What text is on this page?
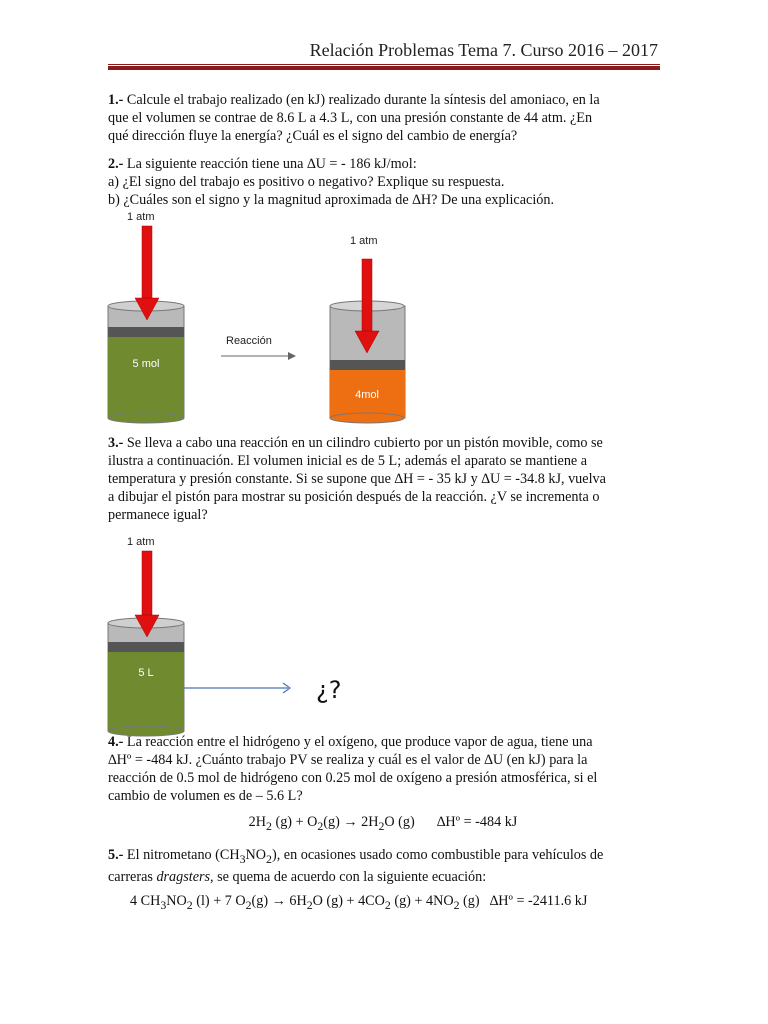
Relación Problemas Tema 7. Curso 2016 – 2017
1.- Calcule el trabajo realizado (en kJ) realizado durante la síntesis del amoniaco, en la
que el volumen se contrae de 8.6 L a 4.3 L, con una presión constante de 44 atm. ¿En
qué dirección fluye la energía? ¿Cuál es el signo del cambio de energía?
2.- La siguiente reacción tiene una ∆U = - 186 kJ/mol:
a) ¿El signo del trabajo es positivo o negativo? Explique su respuesta.
b) ¿Cuáles son el signo y la magnitud aproximada de ∆H? De una explicación.
1 atm
1 atm
Reacción
5 mol
4mol
3.- Se lleva a cabo una reacción en un cilindro cubierto por un pistón movible, como se
ilustra a continuación. El volumen inicial es de 5 L; además el aparato se mantiene a
temperatura y presión constante. Si se supone que ∆H = - 35 kJ y ∆U = -34.8 kJ, vuelva
a dibujar el pistón para mostrar su posición después de la reacción. ¿V se incrementa o
permanece igual?
1 atm
5 L
¿?
4.- La reacción entre el hidrógeno y el oxígeno, que produce vapor de agua, tiene una
∆Hº = -484 kJ. ¿Cuánto trabajo PV se realiza y cuál es el valor de ∆U (en kJ) para la
reacción de 0.5 mol de hidrógeno con 0.25 mol de oxígeno a presión atmosférica, si el
cambio de volumen es de – 5.6 L?
$2H_2$ $(g) + O_2(g) \to 2H_2O$ (g) ∆Hº = -484 kJ
5.- El nitrometano $(CH_3NO_2)$, en ocasiones usado como combustible para vehículos de
carreras dragsters, se quema de acuerdo con la siguiente ecuación:
4 $CH_3NO_2$ (l) + 7 $O_2(g) \to 6H_2O$ $(g) + 4CO_2$ $(g) + 4NO_2$ (g) ∆Hº = -2411.6 kJ
